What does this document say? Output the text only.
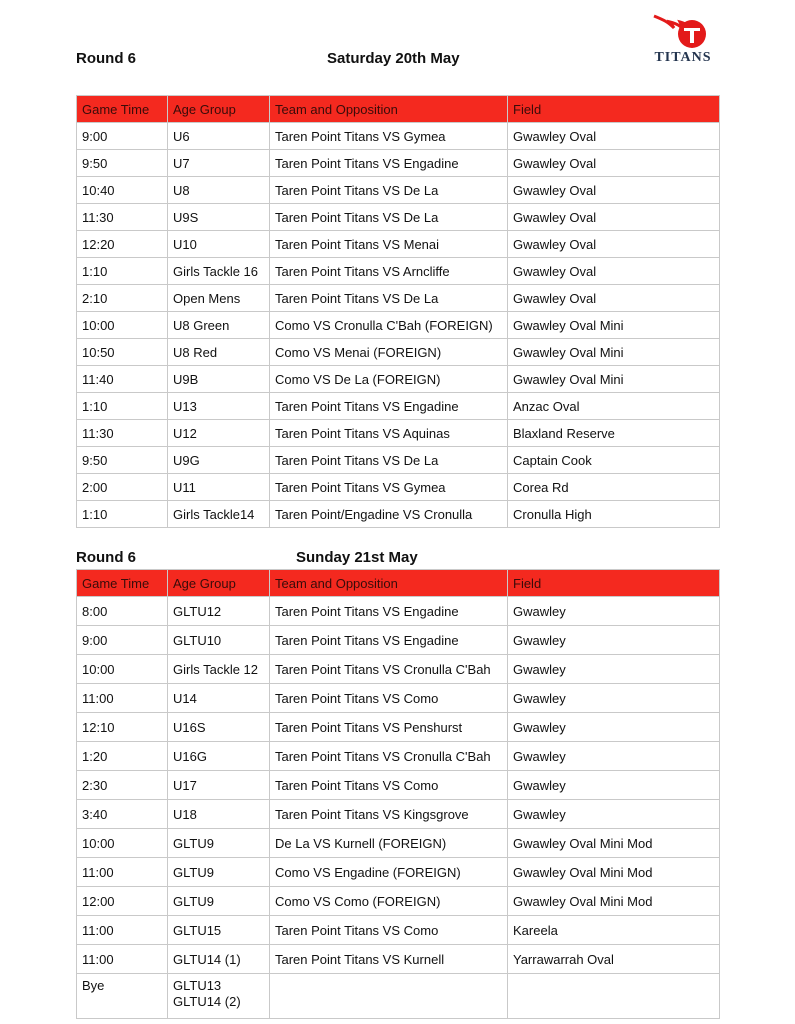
Round 6	Saturday 20th May	TITANS
Game Time	Age Group	Team and Opposition	Field
9:00	U6	Taren Point Titans VS Gymea	Gwawley Oval
9:50	U7	Taren Point Titans VS Engadine	Gwawley Oval
10:40	U8	Taren Point Titans VS De La	Gwawley Oval
11:30	U9S	Taren Point Titans VS De La	Gwawley Oval
12:20	U10	Taren Point Titans VS Menai	Gwawley Oval
1:10	Girls Tackle 16	Taren Point Titans VS Arncliffe	Gwawley Oval
2:10	Open Mens	Taren Point Titans VS De La	Gwawley Oval
10:00	U8 Green	Como VS Cronulla C'Bah (FOREIGN)	Gwawley Oval Mini
10:50	U8 Red	Como VS Menai (FOREIGN)	Gwawley Oval Mini
11:40	U9B	Como VS De La (FOREIGN)	Gwawley Oval Mini
1:10	U13	Taren Point Titans VS Engadine	Anzac Oval
11:30	U12	Taren Point Titans VS Aquinas	Blaxland Reserve
9:50	U9G	Taren Point Titans VS De La	Captain Cook
2:00	U11	Taren Point Titans VS Gymea	Corea Rd
1:10	Girls Tackle14	Taren Point/Engadine VS Cronulla	Cronulla High
Round 6	Sunday 21st May
Game Time	Age Group	Team and Opposition	Field
8:00	GLTU12	Taren Point Titans VS Engadine	Gwawley
9:00	GLTU10	Taren Point Titans VS Engadine	Gwawley
10:00	Girls Tackle 12	Taren Point Titans VS Cronulla C'Bah	Gwawley
11:00	U14	Taren Point Titans VS Como	Gwawley
12:10	U16S	Taren Point Titans VS Penshurst	Gwawley
1:20	U16G	Taren Point Titans VS Cronulla C'Bah	Gwawley
2:30	U17	Taren Point Titans VS Como	Gwawley
3:40	U18	Taren Point Titans VS Kingsgrove	Gwawley
10:00	GLTU9	De La VS Kurnell (FOREIGN)	Gwawley Oval Mini Mod
11:00	GLTU9	Como VS Engadine (FOREIGN)	Gwawley Oval Mini Mod
12:00	GLTU9	Como VS Como (FOREIGN)	Gwawley Oval Mini Mod
11:00	GLTU15	Taren Point Titans VS Como	Kareela
11:00	GLTU14 (1)	Taren Point Titans VS Kurnell	Yarrawarrah Oval
Bye	GLTU13
GLTU14 (2)		
